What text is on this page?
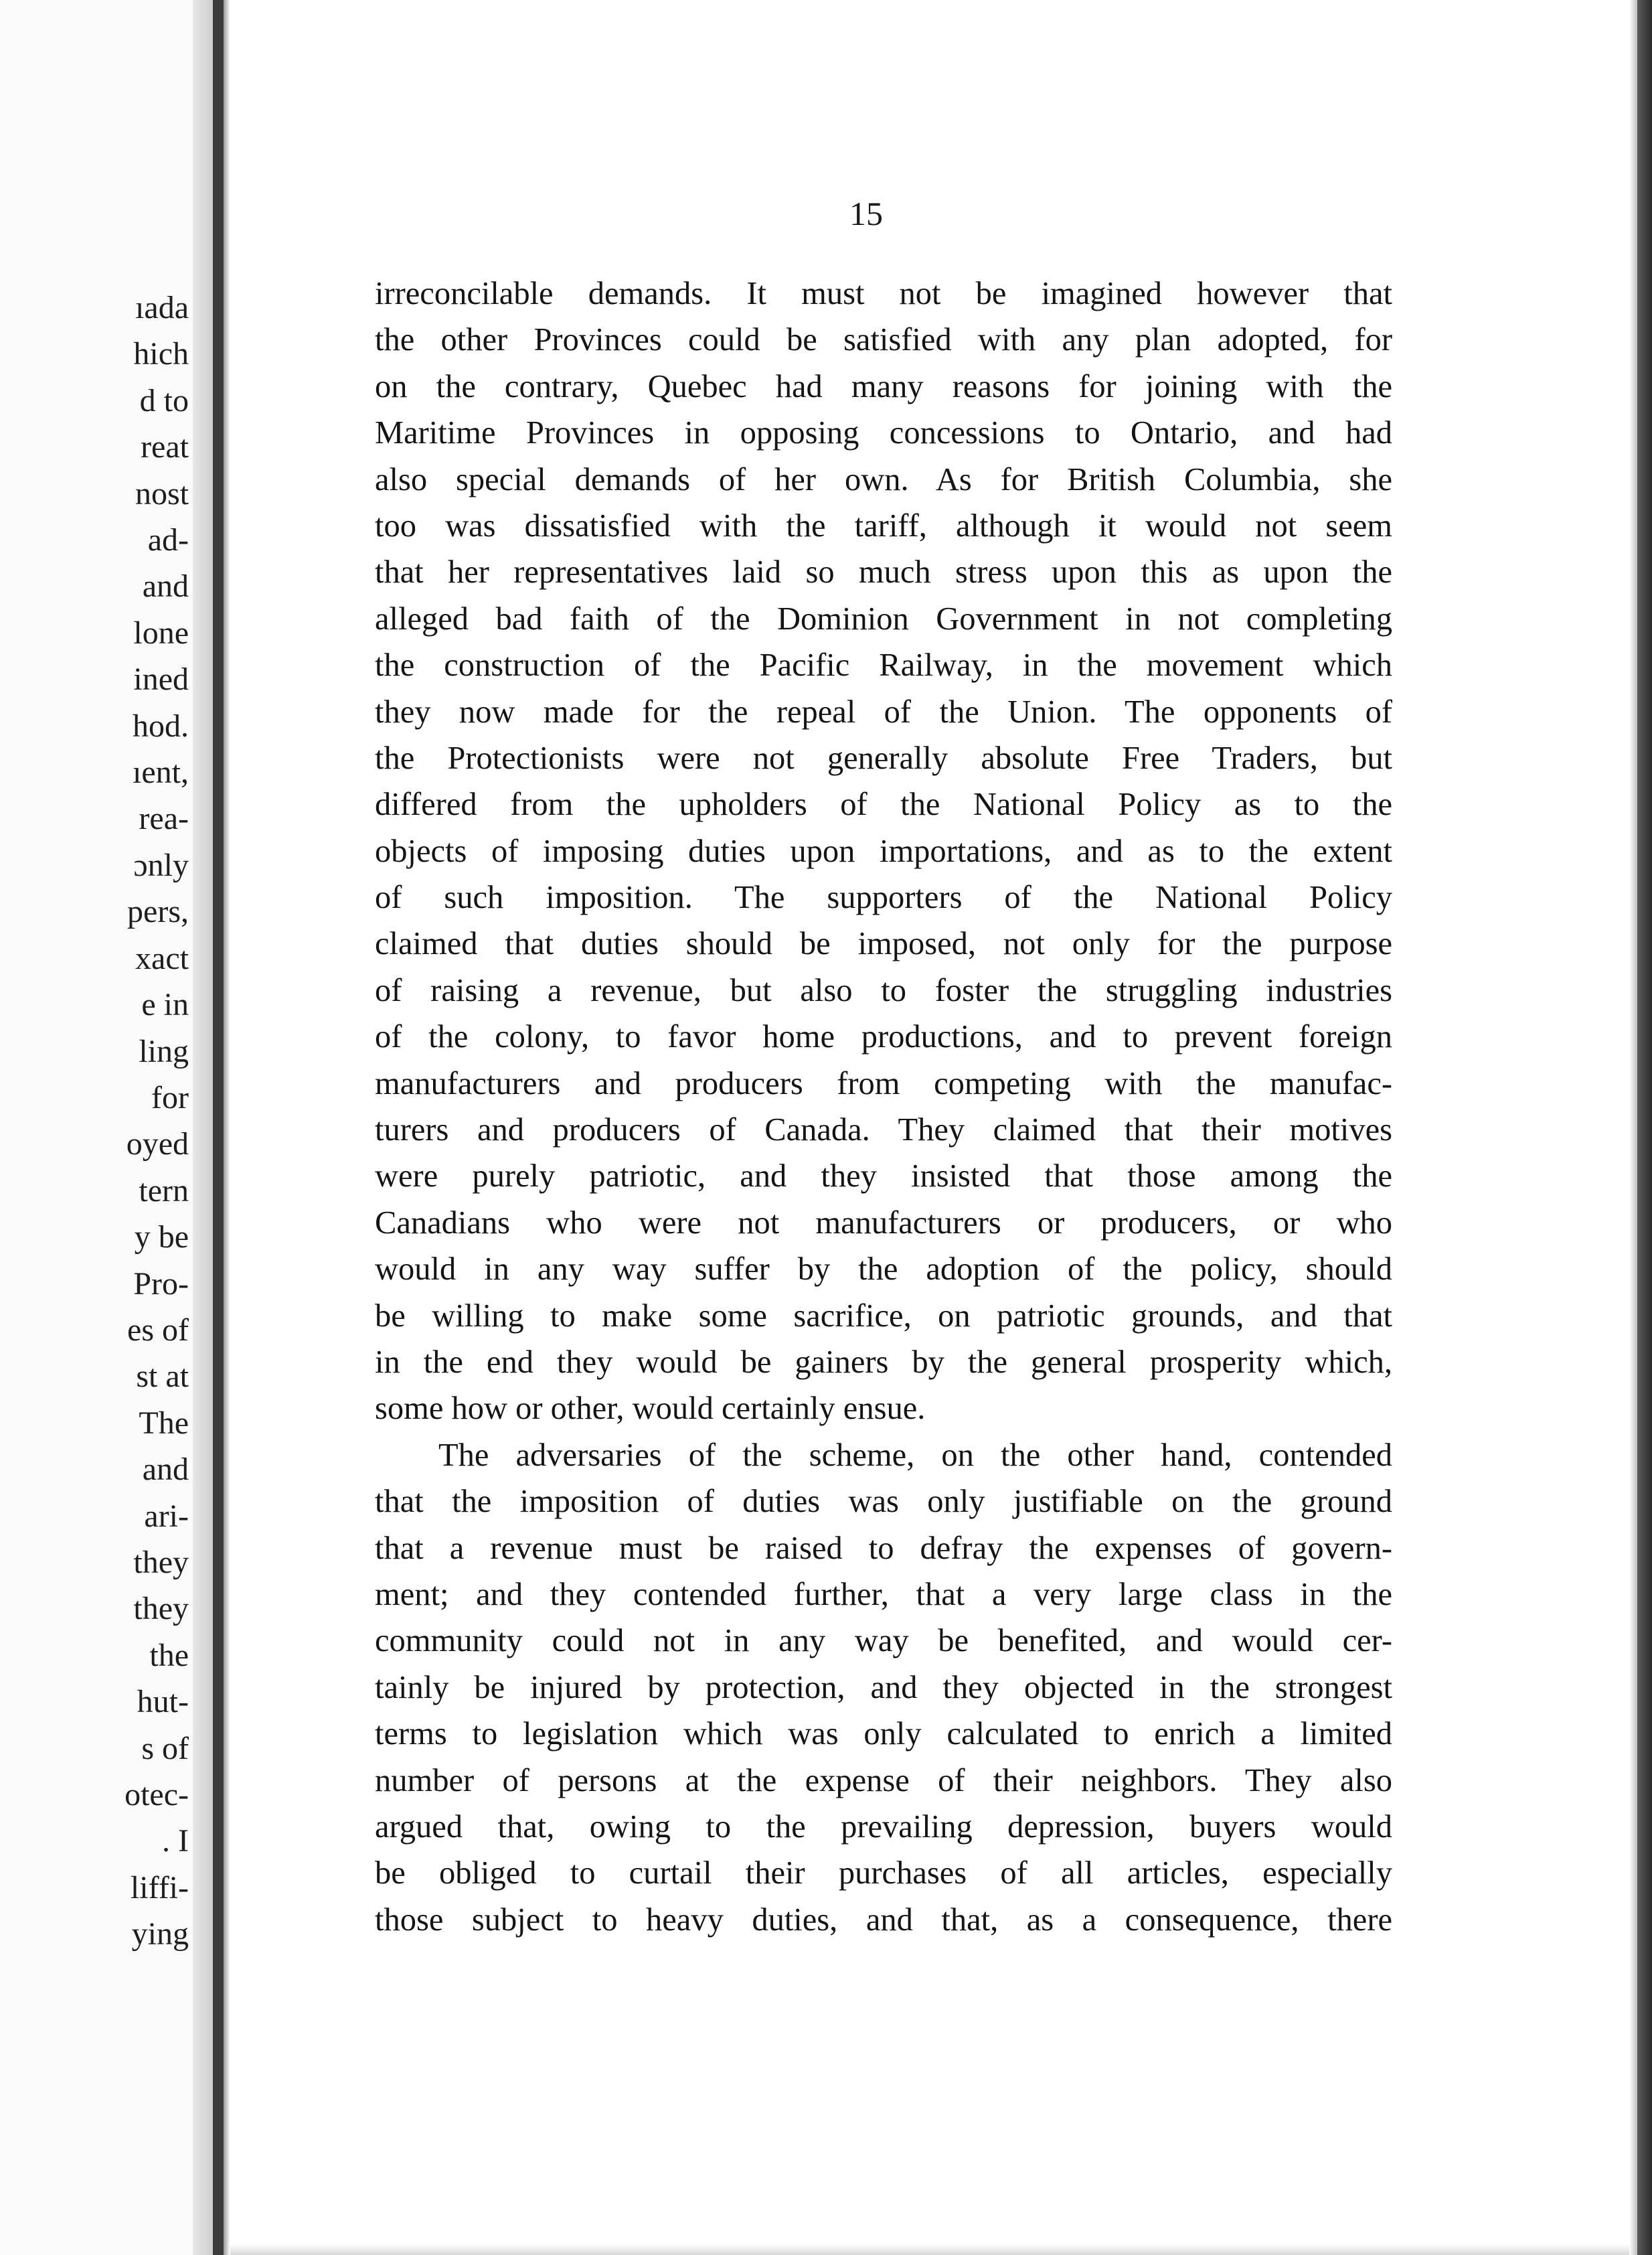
ıada
hich
d to
reat
nost
ad-
and
lone
ined
hod.
ıent,
rea-
ɔnly
pers,
xact
e in
ling
for
oyed
tern
y be
Pro-
es of
st at
The
and
ari-
they
they
the
hut-
s of
otec-
. I
liffi-
ying
15
irreconcilable demands. It must not be imagined however that
the other Provinces could be satisfied with any plan adopted, for
on the contrary, Quebec had many reasons for joining with the
Maritime Provinces in opposing concessions to Ontario, and had
also special demands of her own. As for British Columbia, she
too was dissatisfied with the tariff, although it would not seem
that her representatives laid so much stress upon this as upon the
alleged bad faith of the Dominion Government in not completing
the construction of the Pacific Railway, in the movement which
they now made for the repeal of the Union. The opponents of
the Protectionists were not generally absolute Free Traders, but
differed from the upholders of the National Policy as to the
objects of imposing duties upon importations, and as to the extent
of such imposition. The supporters of the National Policy
claimed that duties should be imposed, not only for the purpose
of raising a revenue, but also to foster the struggling industries
of the colony, to favor home productions, and to prevent foreign
manufacturers and producers from competing with the manufac-
turers and producers of Canada. They claimed that their motives
were purely patriotic, and they insisted that those among the
Canadians who were not manufacturers or producers, or who
would in any way suffer by the adoption of the policy, should
be willing to make some sacrifice, on patriotic grounds, and that
in the end they would be gainers by the general prosperity which,
some how or other, would certainly ensue.
The adversaries of the scheme, on the other hand, contended
that the imposition of duties was only justifiable on the ground
that a revenue must be raised to defray the expenses of govern-
ment; and they contended further, that a very large class in the
community could not in any way be benefited, and would cer-
tainly be injured by protection, and they objected in the strongest
terms to legislation which was only calculated to enrich a limited
number of persons at the expense of their neighbors. They also
argued that, owing to the prevailing depression, buyers would
be obliged to curtail their purchases of all articles, especially
those subject to heavy duties, and that, as a consequence, there
